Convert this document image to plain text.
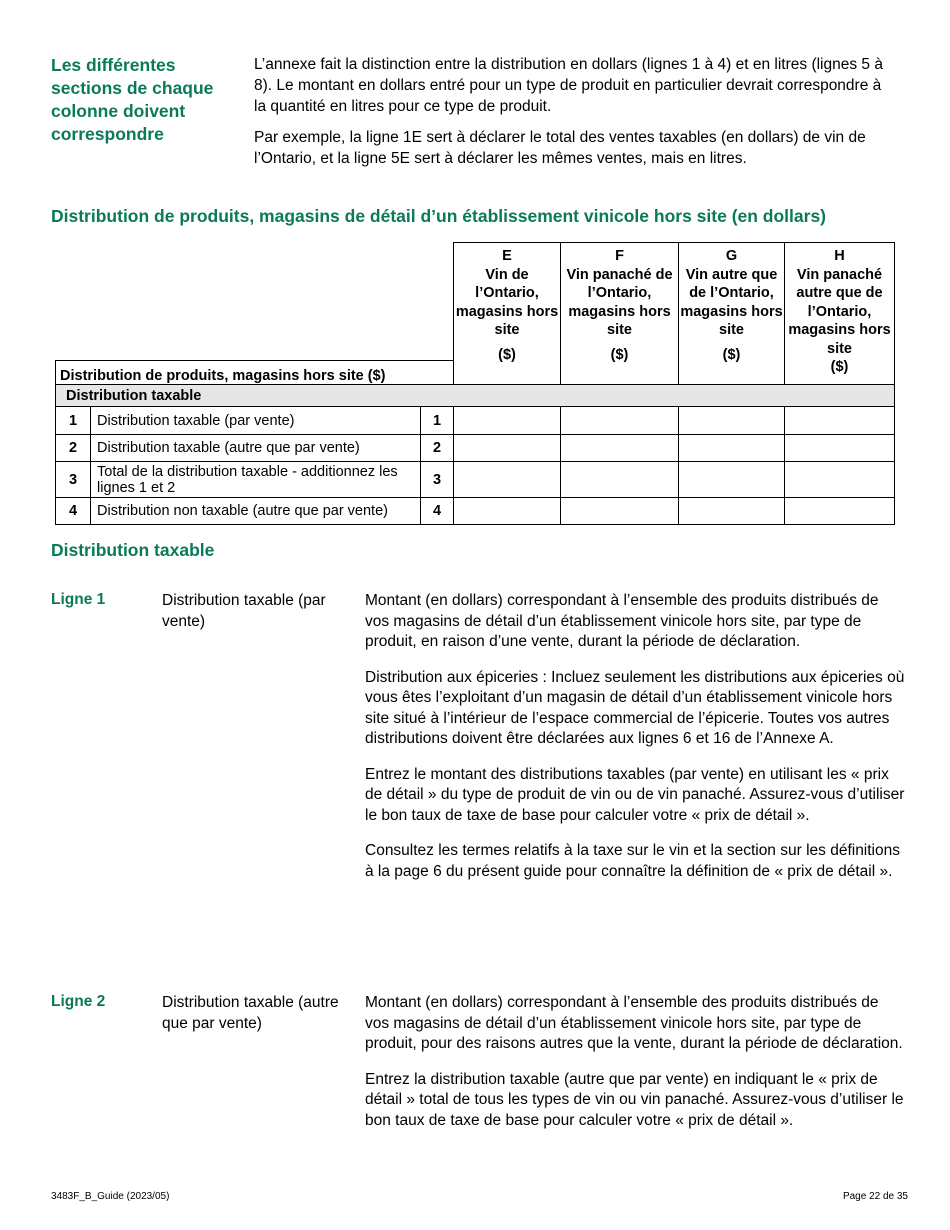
Les différentes sections de chaque colonne doivent correspondre

L’annexe fait la distinction entre la distribution en dollars (lignes 1 à 4) et en litres (lignes 5 à 8). Le montant en dollars entré pour un type de produit en particulier devrait correspondre à la quantité en litres pour ce type de produit.

Par exemple, la ligne 1E sert à déclarer le total des ventes taxables (en dollars) de vin de l’Ontario, et la ligne 5E sert à déclarer les mêmes ventes, mais en litres.

Distribution de produits, magasins de détail d’un établissement vinicole hors site (en dollars)
			E
Vin de l’Ontario, magasins hors site
($)	F
Vin panaché de l’Ontario, magasins hors site
($)	G
Vin autre que de l’Ontario, magasins hors site
($)	H
Vin panaché autre que de l’Ontario, magasins hors site
($)

Distribution de produits, magasins hors site ($)						
Distribution taxable						
1	Distribution taxable (par vente)	1				
2	Distribution taxable (autre que par vente)	2				
3	Total de la distribution taxable - additionnez les lignes 1 et 2	3				
4	Distribution non taxable (autre que par vente)	4				
Distribution taxable
Ligne 1	Distribution taxable (par vente)

Montant (en dollars) correspondant à l’ensemble des produits distribués de vos magasins de détail d’un établissement vinicole hors site, par type de produit, en raison d’une vente, durant la période de déclaration.

Distribution aux épiceries : Incluez seulement les distributions aux épiceries où vous êtes l’exploitant d’un magasin de détail d’un établissement vinicole hors site situé à l’intérieur de l’espace commercial de l’épicerie. Toutes vos autres distributions doivent être déclarées aux lignes 6 et 16 de l’Annexe A.

Entrez le montant des distributions taxables (par vente) en utilisant les « prix de détail » du type de produit de vin ou de vin panaché. Assurez-vous d’utiliser le bon taux de taxe de base pour calculer votre « prix de détail ».

Consultez les termes relatifs à la taxe sur le vin et la section sur les définitions à la page 6 du présent guide pour connaître la définition de « prix de détail ».

Ligne 2	Distribution taxable (autre que par vente)

Montant (en dollars) correspondant à l’ensemble des produits distribués de vos magasins de détail d’un établissement vinicole hors site, par type de produit, pour des raisons autres que la vente, durant la période de déclaration.

Entrez la distribution taxable (autre que par vente) en indiquant le « prix de détail » total de tous les types de vin ou vin panaché. Assurez-vous d’utiliser le bon taux de taxe de base pour calculer votre « prix de détail ».

3483F_B_Guide (2023/05)	Page 22 de 35
